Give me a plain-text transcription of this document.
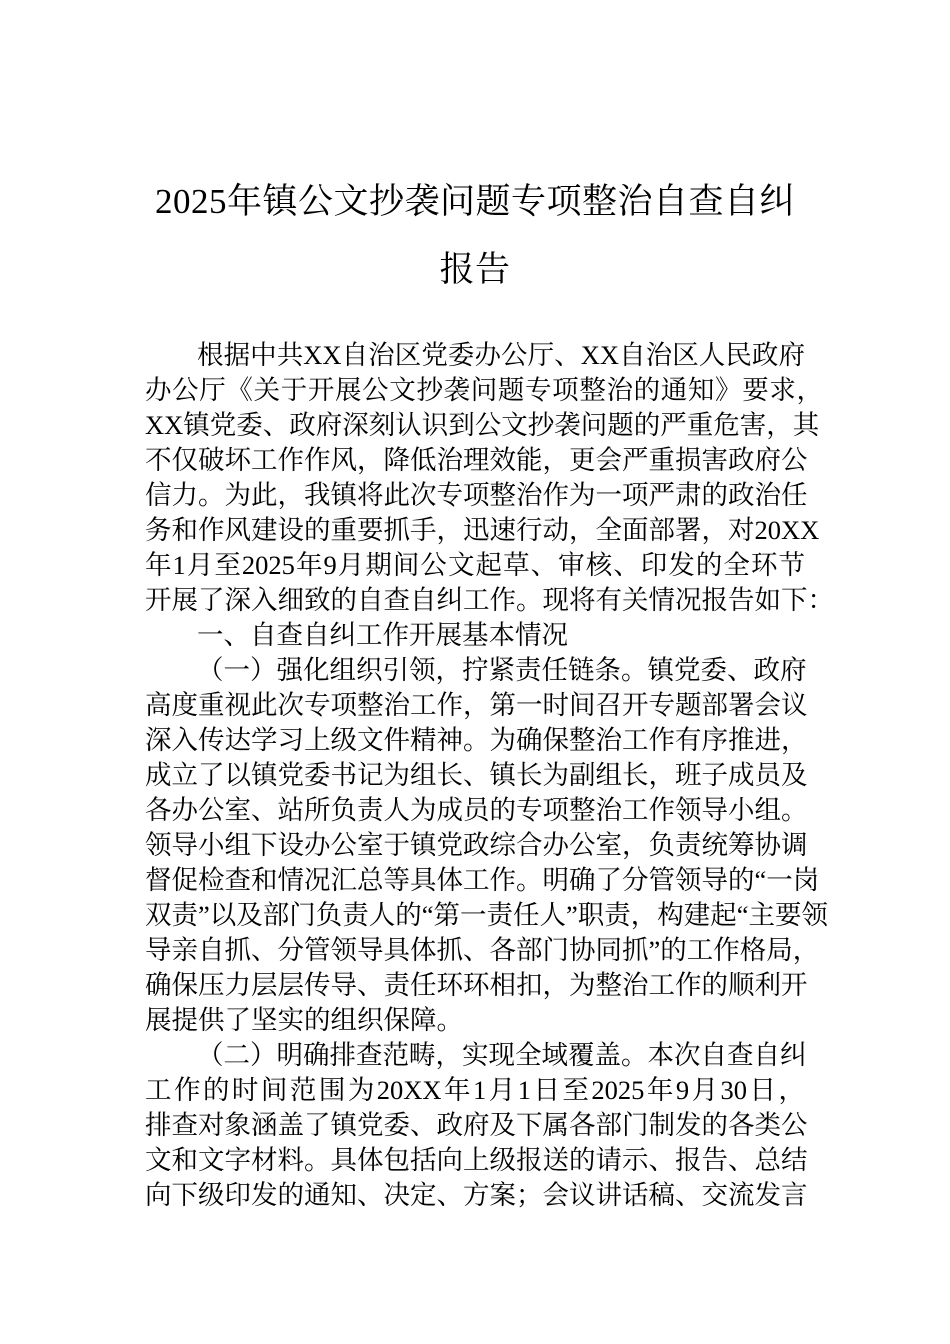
2025年镇公文抄袭问题专项整治自查自纠
报告
根据中共XX自治区党委办公厅、XX自治区人民政府
办公厅《关于开展公文抄袭问题专项整治的通知》要求，
XX镇党委、政府深刻认识到公文抄袭问题的严重危害，其
不仅破坏工作作风，降低治理效能，更会严重损害政府公
信力。为此，我镇将此次专项整治作为一项严肃的政治任
务和作风建设的重要抓手，迅速行动，全面部署，对20XX
年1月至2025年9月期间公文起草、审核、印发的全环节
开展了深入细致的自查自纠工作。现将有关情况报告如下：
一、自查自纠工作开展基本情况
（一）强化组织引领，拧紧责任链条。镇党委、政府
高度重视此次专项整治工作，第一时间召开专题部署会议
深入传达学习上级文件精神。为确保整治工作有序推进，
成立了以镇党委书记为组长、镇长为副组长，班子成员及
各办公室、站所负责人为成员的专项整治工作领导小组。
领导小组下设办公室于镇党政综合办公室，负责统筹协调
督促检查和情况汇总等具体工作。明确了分管领导的“一岗
双责”以及部门负责人的“第一责任人”职责，构建起“主要领
导亲自抓、分管领导具体抓、各部门协同抓”的工作格局，
确保压力层层传导、责任环环相扣，为整治工作的顺利开
展提供了坚实的组织保障。
（二）明确排查范畴，实现全域覆盖。本次自查自纠
工作的时间范围为20XX年1月1日至2025年9月30日，
排查对象涵盖了镇党委、政府及下属各部门制发的各类公
文和文字材料。具体包括向上级报送的请示、报告、总结
向下级印发的通知、决定、方案；会议讲话稿、交流发言
